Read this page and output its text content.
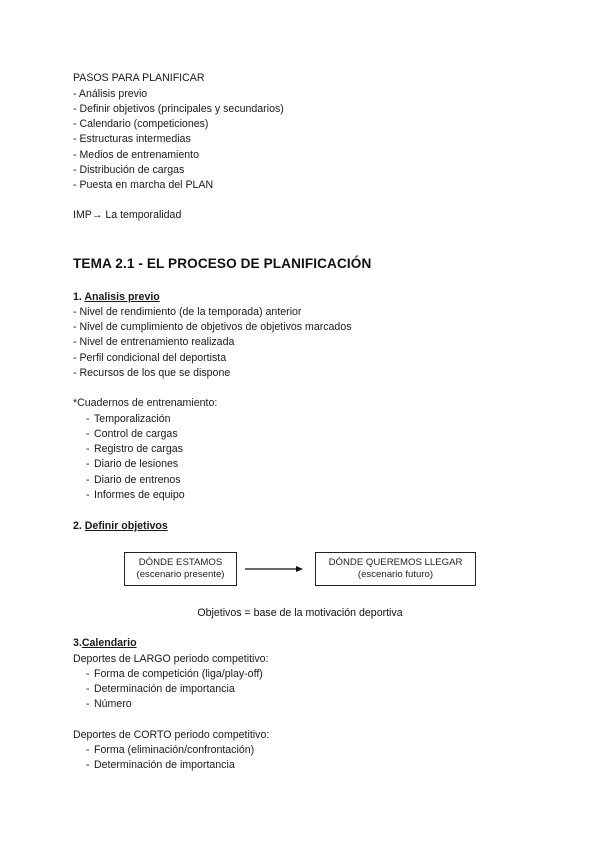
PASOS PARA PLANIFICAR
- Análisis previo
- Definir objetivos (principales y secundarios)
- Calendario (competiciones)
- Estructuras intermedias
- Medios de entrenamiento
- Distribución de cargas
- Puesta en marcha del PLAN
IMP→ La temporalidad
TEMA 2.1 - EL PROCESO DE PLANIFICACIÓN
1. Analisis previo
- Nivel de rendimiento (de la temporada) anterior
- Nivel de cumplimiento de objetivos de objetivos marcados
- Nivel de entrenamiento realizada
- Perfil condicional del deportista
- Recursos de los que se dispone
*Cuadernos de entrenamiento:
- Temporalización
- Control de cargas
- Registro de cargas
- Diario de lesiones
- Diario de entrenos
- Informes de equipo
2. Definir objetivos
DÓNDE ESTAMOS
(escenario presente)
DÓNDE QUEREMOS LLEGAR
(escenario futuro)
Objetivos = base de la motivación deportiva
3.Calendario
Deportes de LARGO periodo competitivo:
- Forma de competición (liga/play-off)
- Determinación de importancia
- Número
Deportes de CORTO periodo competitivo:
- Forma (eliminación/confrontación)
- Determinación de importancia
